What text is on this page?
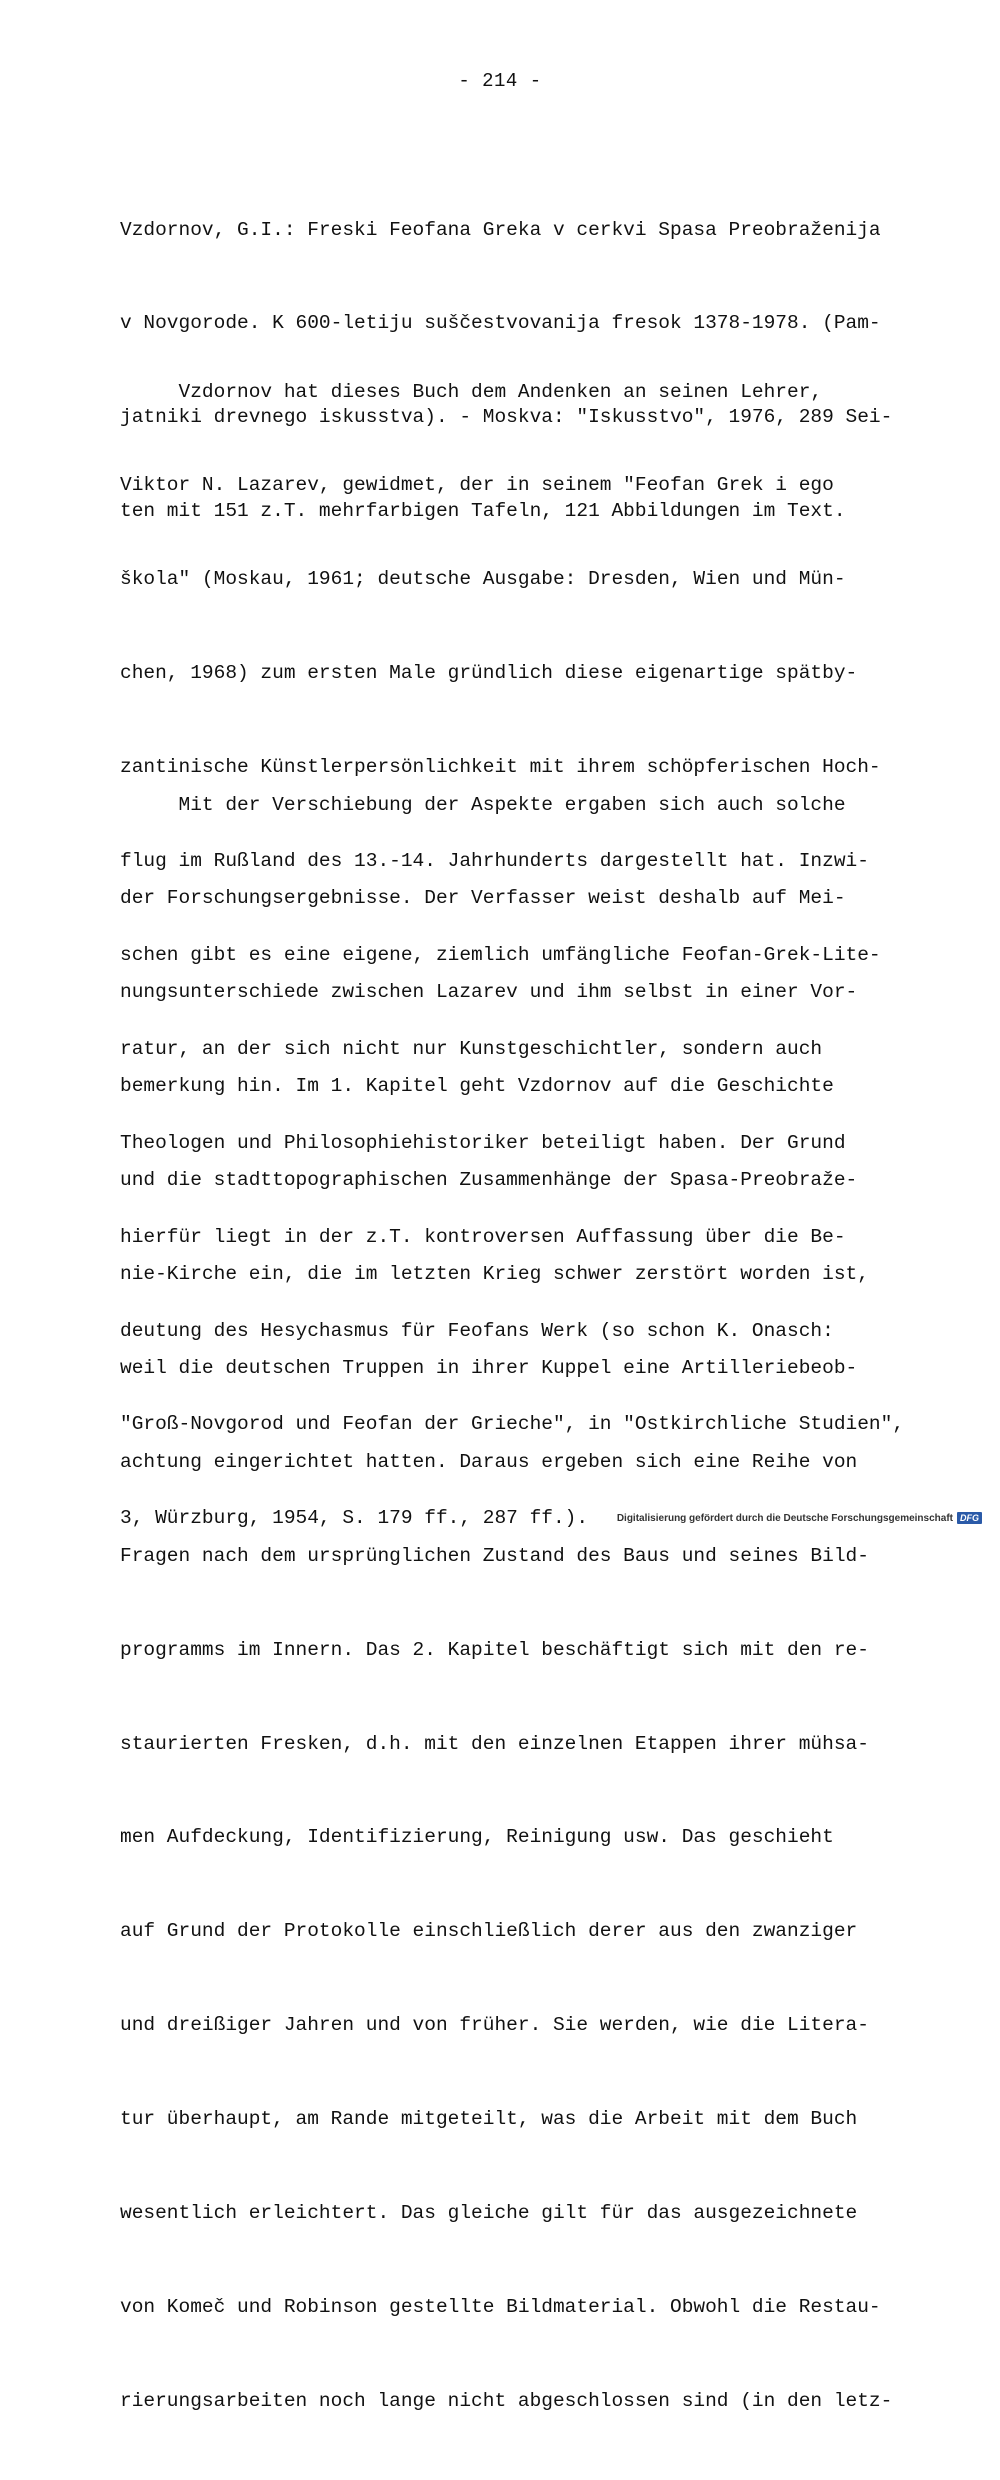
- 214 -

Vzdornov, G.I.: Freski Feofana Greka v cerkvi Spasa Preobraženija

v Novgorode. K 600-letiju suščestvovanija fresok 1378-1978. (Pam-

jatniki drevnego iskusstva). - Moskva: "Iskusstvo", 1976, 289 Sei-

ten mit 151 z.T. mehrfarbigen Tafeln, 121 Abbildungen im Text.

Vzdornov hat dieses Buch dem Andenken an seinen Lehrer,

Viktor N. Lazarev, gewidmet, der in seinem "Feofan Grek i ego

škola" (Moskau, 1961; deutsche Ausgabe: Dresden, Wien und Mün-

chen, 1968) zum ersten Male gründlich diese eigenartige spätby-

zantinische Künstlerpersönlichkeit mit ihrem schöpferischen Hoch-

flug im Rußland des 13.-14. Jahrhunderts dargestellt hat. Inzwi-

schen gibt es eine eigene, ziemlich umfängliche Feofan-Grek-Lite-

ratur, an der sich nicht nur Kunstgeschichtler, sondern auch

Theologen und Philosophiehistoriker beteiligt haben. Der Grund

hierfür liegt in der z.T. kontroversen Auffassung über die Be-

deutung des Hesychasmus für Feofans Werk (so schon K. Onasch:

"Groß-Novgorod und Feofan der Grieche", in "Ostkirchliche Studien",

3, Würzburg, 1954, S. 179 ff., 287 ff.).

Mit der Verschiebung der Aspekte ergaben sich auch solche

der Forschungsergebnisse. Der Verfasser weist deshalb auf Mei-

nungsunterschiede zwischen Lazarev und ihm selbst in einer Vor-

bemerkung hin. Im 1. Kapitel geht Vzdornov auf die Geschichte

und die stadttopographischen Zusammenhänge der Spasa-Preobraže-

nie-Kirche ein, die im letzten Krieg schwer zerstört worden ist,

weil die deutschen Truppen in ihrer Kuppel eine Artilleriebeob-

achtung eingerichtet hatten. Daraus ergeben sich eine Reihe von

Fragen nach dem ursprünglichen Zustand des Baus und seines Bild-

programms im Innern. Das 2. Kapitel beschäftigt sich mit den re-

staurierten Fresken, d.h. mit den einzelnen Etappen ihrer mühsa-

men Aufdeckung, Identifizierung, Reinigung usw. Das geschieht

auf Grund der Protokolle einschließlich derer aus den zwanziger

und dreißiger Jahren und von früher. Sie werden, wie die Litera-

tur überhaupt, am Rande mitgeteilt, was die Arbeit mit dem Buch

wesentlich erleichtert. Das gleiche gilt für das ausgezeichnete

von Komeč und Robinson gestellte Bildmaterial. Obwohl die Restau-

rierungsarbeiten noch lange nicht abgeschlossen sind (in den letz-

Digitalisierung gefördert durch die Deutsche Forschungsgemeinschaft DFG
